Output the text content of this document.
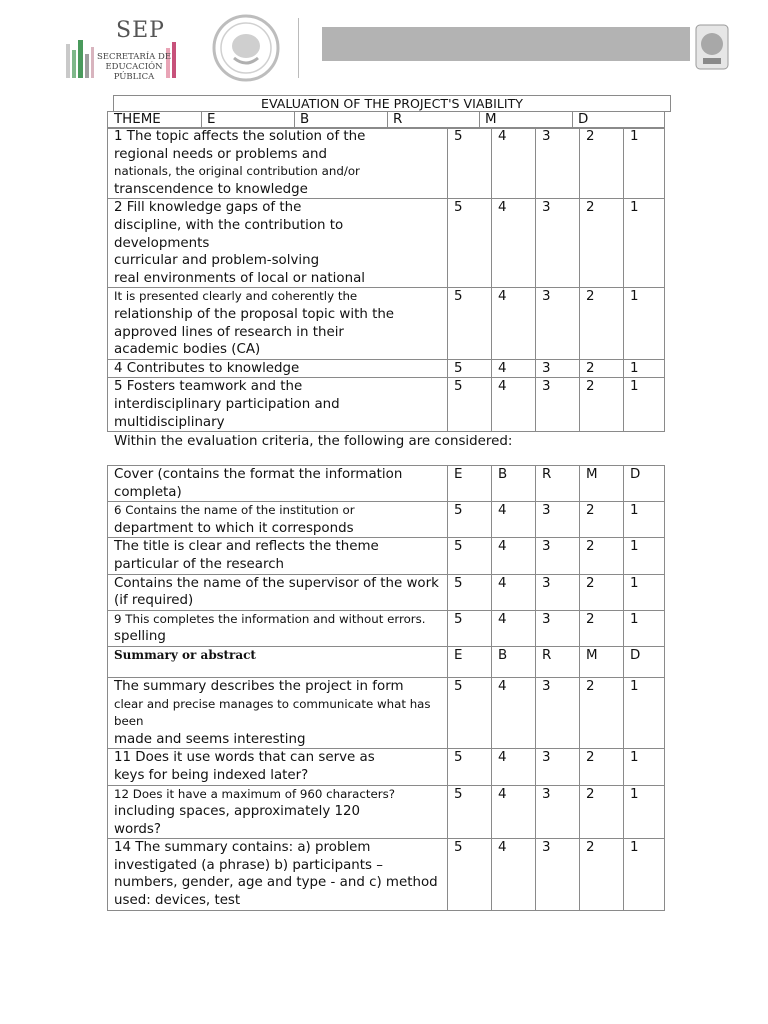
SEP
SECRETARÍA DE
EDUCACIÓN PÚBLICA
EVALUATION OF THE PROJECT'S VIABILITY
THEME	E	B	R	M	D
1 The topic affects the solution of the
regional needs or problems and
nationals, the original contribution and/or
transcendence to knowledge	5	4	3	2	1

2 Fill knowledge gaps of the
discipline, with the contribution to developments
curricular and problem-solving
real environments of local or national	5	4	3	2	1

It is presented clearly and coherently the
relationship of the proposal topic with the
approved lines of research in their
academic bodies (CA)	5	4	3	2	1

4 Contributes to knowledge	5	4	3	2	1

5 Fosters teamwork and the
interdisciplinary participation and
multidisciplinary	5	4	3	2	1
Within the evaluation criteria, the following are considered:
Cover (contains the format the information
completa)	E	B	R	M	D

6 Contains the name of the institution or
department to which it corresponds	5	4	3	2	1

The title is clear and reflects the theme
particular of the research	5	4	3	2	1

Contains the name of the supervisor of the work
(if required)	5	4	3	2	1

9 This completes the information and without errors.
spelling	5	4	3	2	1

Summary or abstract	E	B	R	M	D

The summary describes the project in form
clear and precise manages to communicate what has been
made and seems interesting	5	4	3	2	1

11 Does it use words that can serve as
keys for being indexed later?	5	4	3	2	1

12 Does it have a maximum of 960 characters?
including spaces, approximately 120
words?	5	4	3	2	1

14 The summary contains: a) problem
investigated (a phrase) b) participants –
numbers, gender, age and type - and c) method
used: devices, test	5	4	3	2	1
